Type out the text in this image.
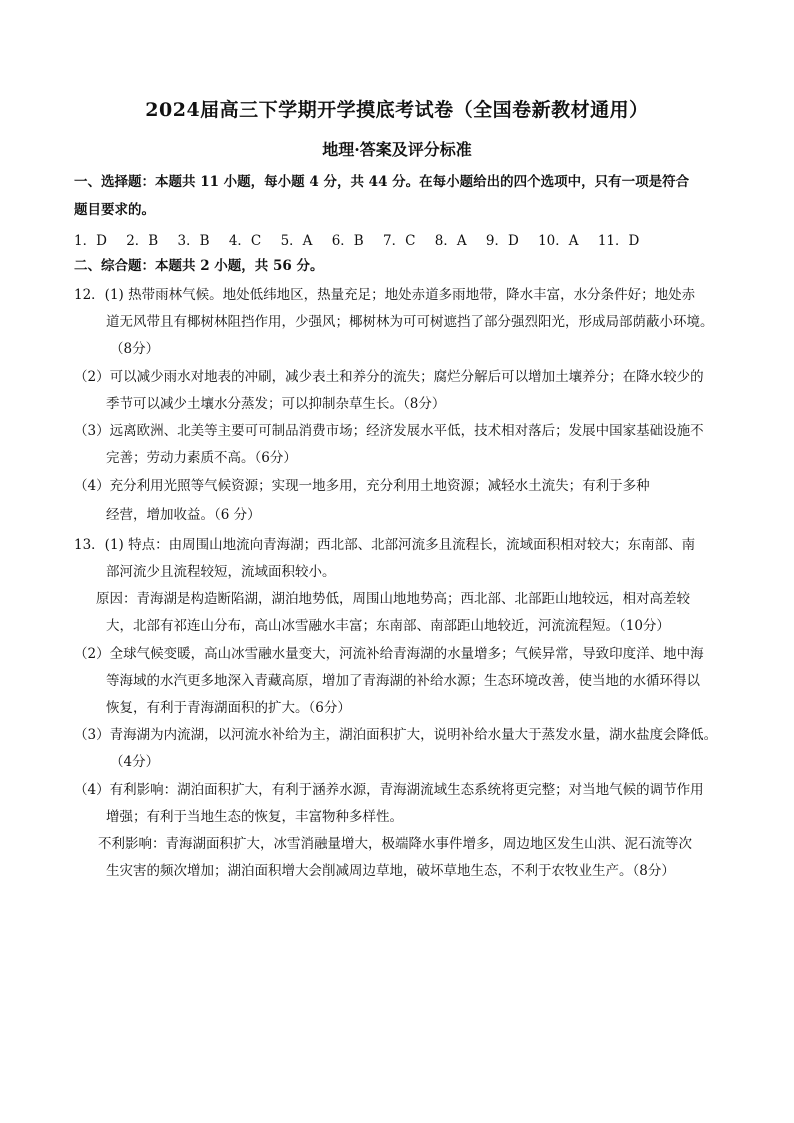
2024届高三下学期开学摸底考试卷（全国卷新教材通用）
地理·答案及评分标准
一、选择题：本题共 11 小题，每小题 4 分，共 44 分。在每小题给出的四个选项中，只有一项是符合
题目要求的。
1．D 2．B 3．B 4．C 5．A 6．B 7．C 8．A 9．D 10．A 11．D
二、综合题：本题共 2 小题，共 56 分。
12．(1) 热带雨林气候。地处低纬地区，热量充足；地处赤道多雨地带，降水丰富，水分条件好；地处赤
道无风带且有椰树林阻挡作用，少强风；椰树林为可可树遮挡了部分强烈阳光，形成局部荫蔽小环境。
（8分）
（2）可以减少雨水对地表的冲刷，减少表土和养分的流失；腐烂分解后可以增加土壤养分；在降水较少的
季节可以减少土壤水分蒸发；可以抑制杂草生长。（8分）
（3）远离欧洲、北美等主要可可制品消费市场；经济发展水平低，技术相对落后；发展中国家基础设施不
完善；劳动力素质不高。（6分）
（4）充分利用光照等气候资源；实现一地多用，充分利用土地资源；减轻水土流失；有利于多种
经营，增加收益。（6 分）
13．(1) 特点：由周围山地流向青海湖；西北部、北部河流多且流程长，流域面积相对较大；东南部、南
部河流少且流程较短，流域面积较小。
原因：青海湖是构造断陷湖，湖泊地势低，周围山地地势高；西北部、北部距山地较远，相对高差较
大，北部有祁连山分布，高山冰雪融水丰富；东南部、南部距山地较近，河流流程短。（10分）
（2）全球气候变暖，高山冰雪融水量变大，河流补给青海湖的水量增多；气候异常，导致印度洋、地中海
等海域的水汽更多地深入青藏高原，增加了青海湖的补给水源；生态环境改善，使当地的水循环得以
恢复，有利于青海湖面积的扩大。（6分）
（3）青海湖为内流湖，以河流水补给为主，湖泊面积扩大，说明补给水量大于蒸发水量，湖水盐度会降低。
（4分）
（4）有利影响：湖泊面积扩大，有利于涵养水源，青海湖流域生态系统将更完整；对当地气候的调节作用
增强；有利于当地生态的恢复，丰富物种多样性。
不利影响：青海湖面积扩大，冰雪消融量增大，极端降水事件增多，周边地区发生山洪、泥石流等次
生灾害的频次增加；湖泊面积增大会削减周边草地，破坏草地生态，不利于农牧业生产。（8分）
